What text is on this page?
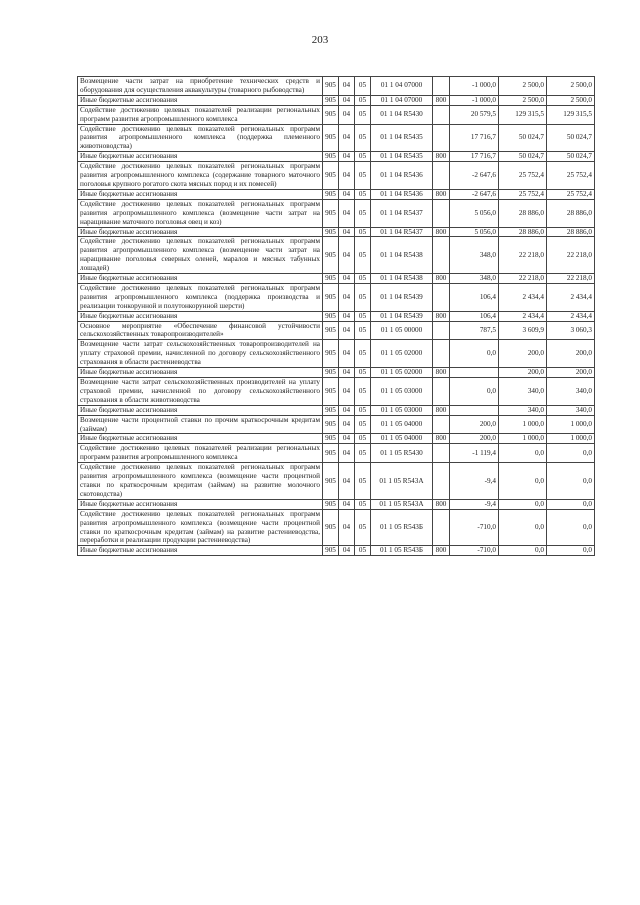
203
Возмещение части затрат на приобретение технических средств и оборудования для осуществления аквакультуры (товарного рыбоводства)	905	04	05	01 1 04 07000		-1 000,0	2 500,0	2 500,0
Иные бюджетные ассигнования	905	04	05	01 1 04 07000	800	-1 000,0	2 500,0	2 500,0
Содействие достижению целевых показателей реализации региональных программ развития агропромышленного комплекса	905	04	05	01 1 04 R5430		20 579,5	129 315,5	129 315,5
Содействие достижению целевых показателей региональных программ развития агропромышленного комплекса (поддержка племенного животноводства)	905	04	05	01 1 04 R5435		17 716,7	50 024,7	50 024,7
Иные бюджетные ассигнования	905	04	05	01 1 04 R5435	800	17 716,7	50 024,7	50 024,7
Содействие достижению целевых показателей региональных программ развития агропромышленного комплекса (содержание товарного маточного поголовья крупного рогатого скота мясных пород и их помесей)	905	04	05	01 1 04 R5436		-2 647,6	25 752,4	25 752,4
Иные бюджетные ассигнования	905	04	05	01 1 04 R5436	800	-2 647,6	25 752,4	25 752,4
Содействие достижению целевых показателей региональных программ развития агропромышленного комплекса (возмещение части затрат на наращивание маточного поголовья овец и коз)	905	04	05	01 1 04 R5437		5 056,0	28 886,0	28 886,0
Иные бюджетные ассигнования	905	04	05	01 1 04 R5437	800	5 056,0	28 886,0	28 886,0
Содействие достижению целевых показателей региональных программ развития агропромышленного комплекса (возмещение части затрат на наращивание поголовья северных оленей, маралов и мясных табунных лошадей)	905	04	05	01 1 04 R5438		348,0	22 218,0	22 218,0
Иные бюджетные ассигнования	905	04	05	01 1 04 R5438	800	348,0	22 218,0	22 218,0
Содействие достижению целевых показателей региональных программ развития агропромышленного комплекса (поддержка производства и реализации тонкорунной и полутонкорунной шерсти)	905	04	05	01 1 04 R5439		106,4	2 434,4	2 434,4
Иные бюджетные ассигнования	905	04	05	01 1 04 R5439	800	106,4	2 434,4	2 434,4
Основное мероприятие «Обеспечение финансовой устойчивости сельскохозяйственных товаропроизводителей»	905	04	05	01 1 05 00000		787,5	3 609,9	3 060,3
Возмещение части затрат сельскохозяйственных товаропроизводителей на уплату страховой премии, начисленной по договору сельскохозяйственного страхования в области растениеводства	905	04	05	01 1 05 02000		0,0	200,0	200,0
Иные бюджетные ассигнования	905	04	05	01 1 05 02000	800		200,0	200,0
Возмещение части затрат сельскохозяйственных производителей на уплату страховой премии, начисленной по договору сельскохозяйственного страхования в области животноводства	905	04	05	01 1 05 03000		0,0	340,0	340,0
Иные бюджетные ассигнования	905	04	05	01 1 05 03000	800		340,0	340,0
Возмещение части процентной ставки по прочим краткосрочным кредитам (займам)	905	04	05	01 1 05 04000		200,0	1 000,0	1 000,0
Иные бюджетные ассигнования	905	04	05	01 1 05 04000	800	200,0	1 000,0	1 000,0
Содействие достижению целевых показателей реализации региональных программ развития агропромышленного комплекса	905	04	05	01 1 05 R5430		-1 119,4	0,0	0,0
Содействие достижению целевых показателей региональных программ развития агропромышленного комплекса (возмещение части процентной ставки по краткосрочным кредитам (займам) на развитие молочного скотоводства)	905	04	05	01 1 05 R543А		-9,4	0,0	0,0
Иные бюджетные ассигнования	905	04	05	01 1 05 R543А	800	-9,4	0,0	0,0
Содействие достижению целевых показателей региональных программ развития агропромышленного комплекса (возмещение части процентной ставки по краткосрочным кредитам (займам) на развитие растениеводства, переработки и реализации продукции растениеводства)	905	04	05	01 1 05 R543Б		-710,0	0,0	0,0
Иные бюджетные ассигнования	905	04	05	01 1 05 R543Б	800	-710,0	0,0	0,0
